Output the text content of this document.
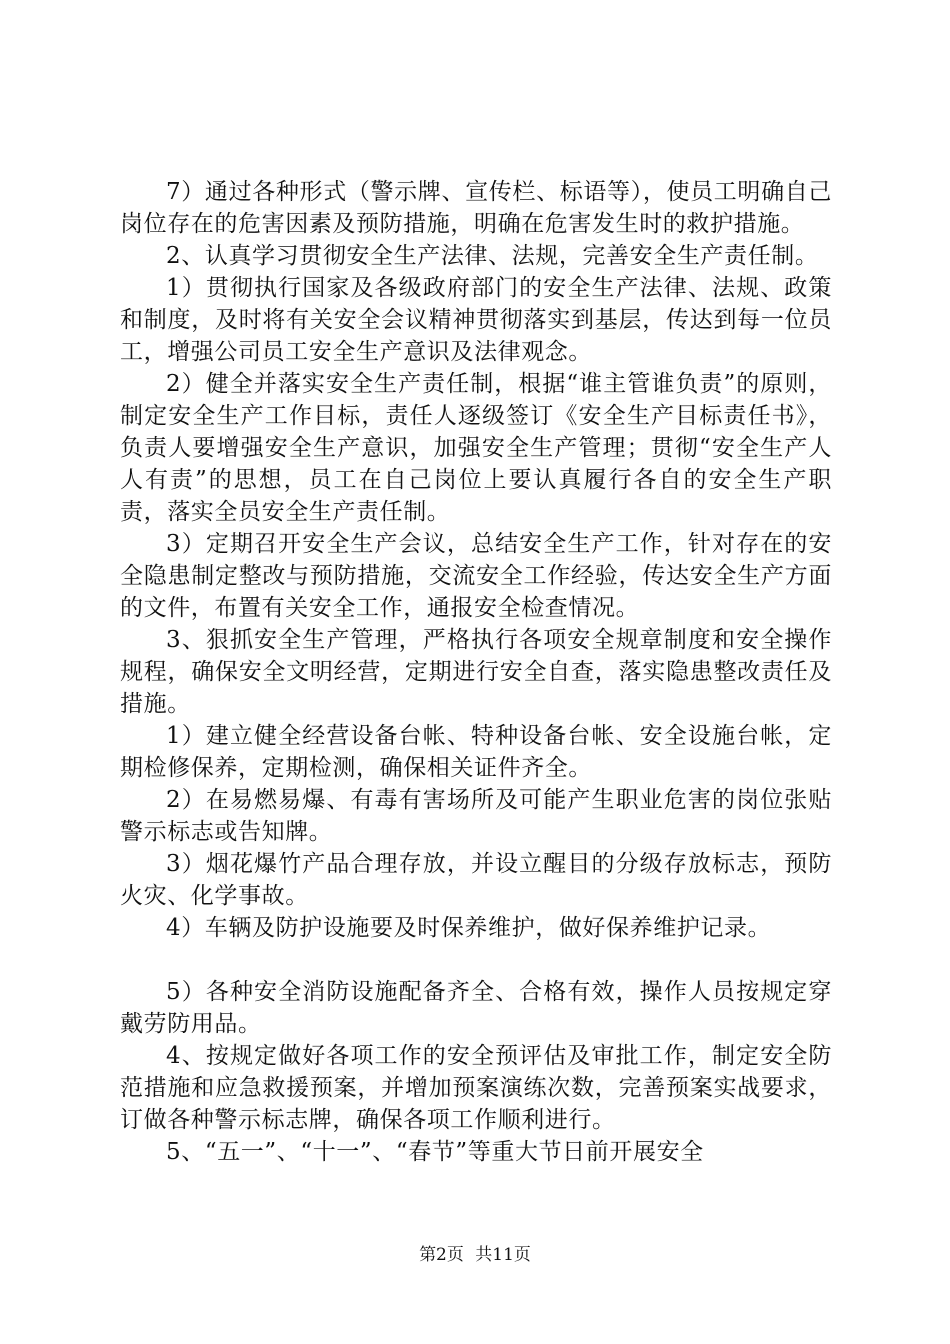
7）通过各种形式（警示牌、宣传栏、标语等），使员工明确自己岗位存在的危害因素及预防措施，明确在危害发生时的救护措施。

2、认真学习贯彻安全生产法律、法规，完善安全生产责任制。

1）贯彻执行国家及各级政府部门的安全生产法律、法规、政策和制度，及时将有关安全会议精神贯彻落实到基层，传达到每一位员工，增强公司员工安全生产意识及法律观念。

2）健全并落实安全生产责任制，根据“谁主管谁负责”的原则，制定安全生产工作目标，责任人逐级签订《安全生产目标责任书》，负责人要增强安全生产意识，加强安全生产管理；贯彻“安全生产人人有责”的思想，员工在自己岗位上要认真履行各自的安全生产职责，落实全员安全生产责任制。

3）定期召开安全生产会议，总结安全生产工作，针对存在的安全隐患制定整改与预防措施，交流安全工作经验，传达安全生产方面的文件，布置有关安全工作，通报安全检查情况。

3、狠抓安全生产管理，严格执行各项安全规章制度和安全操作规程，确保安全文明经营，定期进行安全自查，落实隐患整改责任及措施。

1）建立健全经营设备台帐、特种设备台帐、安全设施台帐，定期检修保养，定期检测，确保相关证件齐全。

2）在易燃易爆、有毒有害场所及可能产生职业危害的岗位张贴警示标志或告知牌。

3）烟花爆竹产品合理存放，并设立醒目的分级存放标志，预防火灾、化学事故。

4）车辆及防护设施要及时保养维护，做好保养维护记录。

5）各种安全消防设施配备齐全、合格有效，操作人员按规定穿戴劳防用品。

4、按规定做好各项工作的安全预评估及审批工作，制定安全防范措施和应急救援预案，并增加预案演练次数，完善预案实战要求，订做各种警示标志牌，确保各项工作顺利进行。

5、“五一”、“十一”、“春节”等重大节日前开展安全

第2页 共11页
